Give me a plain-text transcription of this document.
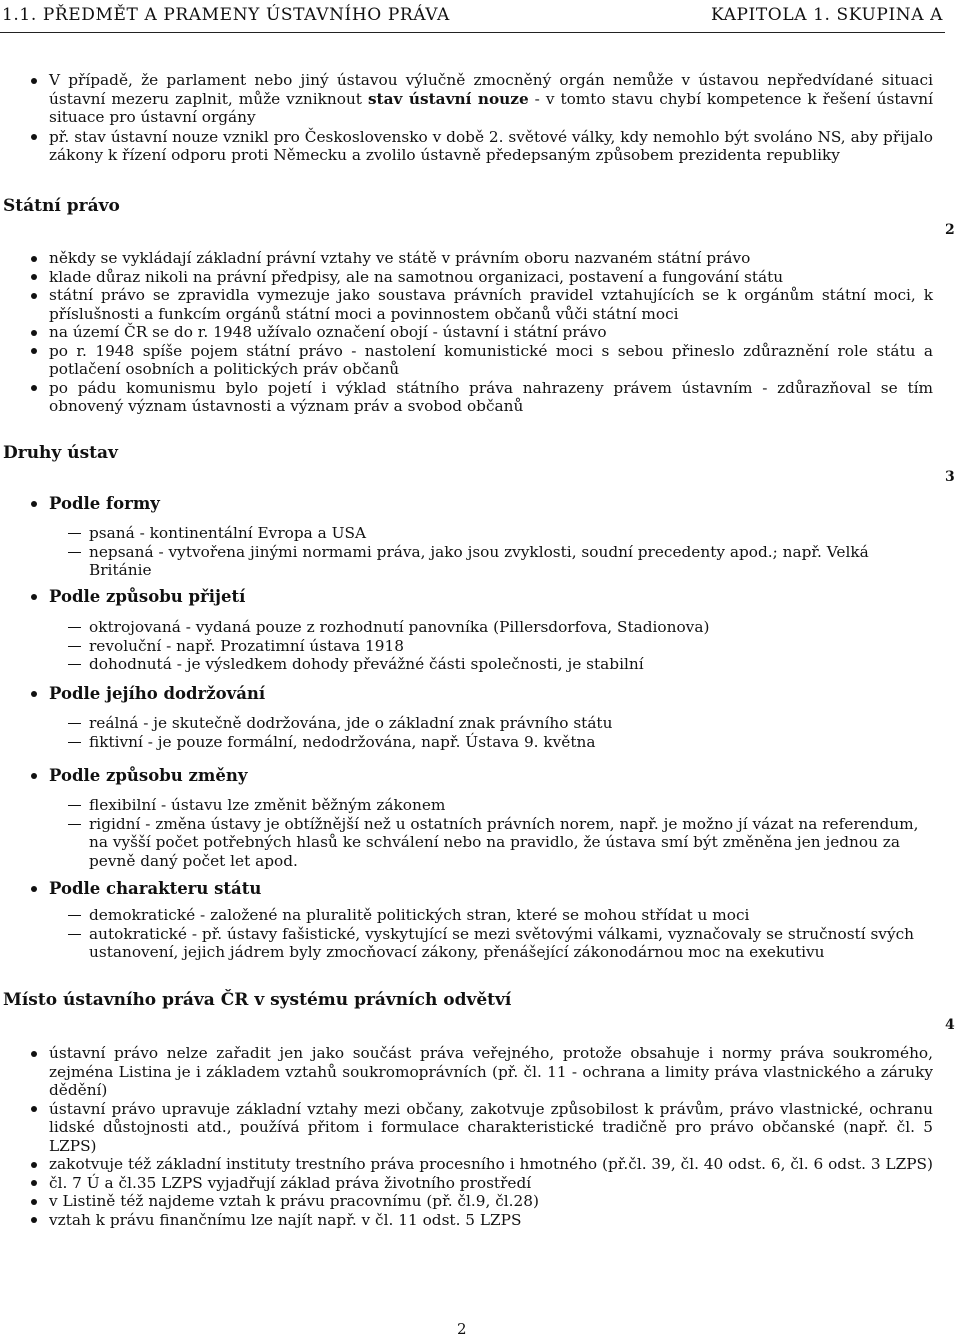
1.1. PŘEDMĚT A PRAMENY ÚSTAVNÍHO PRÁVA	KAPITOLA 1. SKUPINA A
V případě, že parlament nebo jiný ústavou výlučně zmocněný orgán nemůže v ústavou nepředvídané situaci ústavní mezeru zaplnit, může vzniknout stav ústavní nouze - v tomto stavu chybí kompetence k řešení ústavní situace pro ústavní orgány
př. stav ústavní nouze vznikl pro Československo v době 2. světové války, kdy nemohlo být svoláno NS, aby přijalo zákony k řízení odporu proti Německu a zvolilo ústavně předepsaným způsobem prezidenta republiky
Státní právo
2
někdy se vykládají základní právní vztahy ve státě v právním oboru nazvaném státní právo
klade důraz nikoli na právní předpisy, ale na samotnou organizaci, postavení a fungování státu
státní právo se zpravidla vymezuje jako soustava právních pravidel vztahujících se k orgánům státní moci, k příslušnosti a funkcím orgánů státní moci a povinnostem občanů vůči státní moci
na území ČR se do r. 1948 užívalo označení obojí - ústavní i státní právo
po r. 1948 spíše pojem státní právo - nastolení komunistické moci s sebou přineslo zdůraznění role státu a potlačení osobních a politických práv občanů
po pádu komunismu bylo pojetí i výklad státního práva nahrazeny právem ústavním - zdůrazňoval se tím obnovený význam ústavnosti a význam práv a svobod občanů
Druhy ústav
3
Podle formy
psaná - kontinentální Evropa a USA
nepsaná - vytvořena jinými normami práva, jako jsou zvyklosti, soudní precedenty apod.; např. Velká Británie
Podle způsobu přijetí
oktrojovaná - vydaná pouze z rozhodnutí panovníka (Pillersdorfova, Stadionova)
revoluční - např. Prozatimní ústava 1918
dohodnutá - je výsledkem dohody převážné části společnosti, je stabilní
Podle jejího dodržování
reálná - je skutečně dodržována, jde o základní znak právního státu
fiktivní - je pouze formální, nedodržována, např. Ústava 9. května
Podle způsobu změny
flexibilní - ústavu lze změnit běžným zákonem
rigidní - změna ústavy je obtížnější než u ostatních právních norem, např. je možno jí vázat na referendum, na vyšší počet potřebných hlasů ke schválení nebo na pravidlo, že ústava smí být změněna jen jednou za pevně daný počet let apod.
Podle charakteru státu
demokratické - založené na pluralitě politických stran, které se mohou střídat u moci
autokratické - př. ústavy fašistické, vyskytující se mezi světovými válkami, vyznačovaly se stručností svých ustanovení, jejich jádrem byly zmocňovací zákony, přenášející zákonodárnou moc na exekutivu
Místo ústavního práva ČR v systému právních odvětví
4
ústavní právo nelze zařadit jen jako součást práva veřejného, protože obsahuje i normy práva soukromého, zejména Listina je i základem vztahů soukromoprávních (př. čl. 11 - ochrana a limity práva vlastnického a záruky dědění)
ústavní právo upravuje základní vztahy mezi občany, zakotvuje způsobilost k právům, právo vlastnické, ochranu lidské důstojnosti atd., používá přitom i formulace charakteristické tradičně pro právo občanské (např. čl. 5 LZPS)
zakotvuje též základní instituty trestního práva procesního i hmotného (př.čl. 39, čl. 40 odst. 6, čl. 6 odst. 3 LZPS)
čl. 7 Ú a čl.35 LZPS vyjadřují základ práva životního prostředí
v Listině též najdeme vztah k právu pracovnímu (př. čl.9, čl.28)
vztah k právu finančnímu lze najít např. v čl. 11 odst. 5 LZPS
2
